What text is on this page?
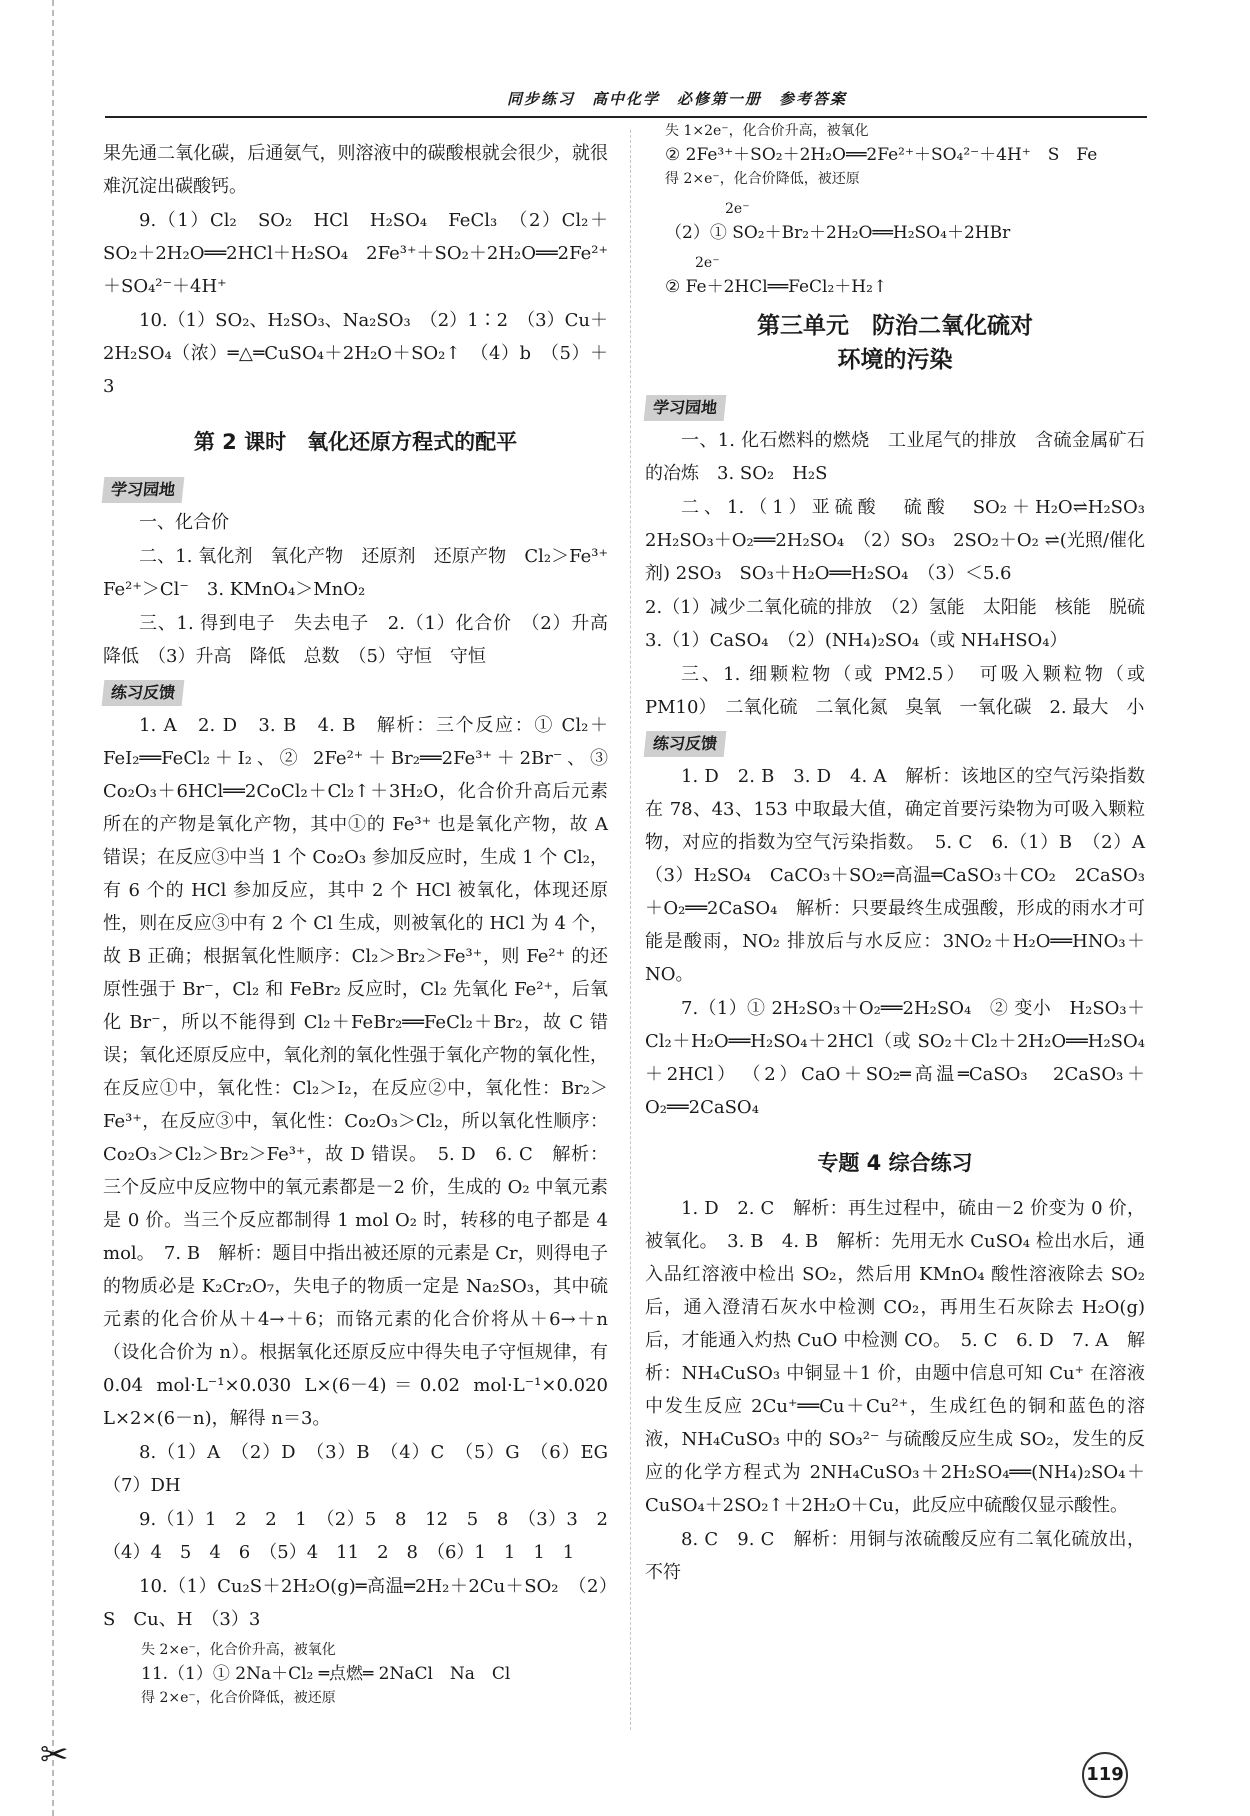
✂
同步练习　高中化学　必修第一册　参考答案

果先通二氧化碳，后通氨气，则溶液中的碳酸根就会很少，就很难沉淀出碳酸钙。

9.（1）Cl₂　SO₂　HCl　H₂SO₄　FeCl₃　（2）Cl₂＋SO₂＋2H₂O══2HCl＋H₂SO₄　2Fe³⁺＋SO₂＋2H₂O══2Fe²⁺＋SO₄²⁻＋4H⁺

10.（1）SO₂、H₂SO₃、Na₂SO₃　（2）1∶2　（3）Cu＋2H₂SO₄（浓）═△═CuSO₄＋2H₂O＋SO₂↑　（4）b　（5）＋3

第 2 课时　氧化还原方程式的配平
学习园地

一、化合价

二、1. 氧化剂　氧化产物　还原剂　还原产物　Cl₂＞Fe³⁺　Fe²⁺＞Cl⁻　3. KMnO₄＞MnO₂

三、1. 得到电子　失去电子　2.（1）化合价　（2）升高　降低　（3）升高　降低　总数　（5）守恒　守恒

练习反馈

1. A　2. D　3. B　4. B　解析：三个反应：① Cl₂＋FeI₂══FeCl₂＋I₂、② 2Fe²⁺＋Br₂══2Fe³⁺＋2Br⁻、③ Co₂O₃＋6HCl══2CoCl₂＋Cl₂↑＋3H₂O，化合价升高后元素所在的产物是氧化产物，其中①的 Fe³⁺ 也是氧化产物，故 A 错误；在反应③中当 1 个 Co₂O₃ 参加反应时，生成 1 个 Cl₂，有 6 个的 HCl 参加反应，其中 2 个 HCl 被氧化，体现还原性，则在反应③中有 2 个 Cl 生成，则被氧化的 HCl 为 4 个，故 B 正确；根据氧化性顺序：Cl₂＞Br₂＞Fe³⁺，则 Fe²⁺ 的还原性强于 Br⁻，Cl₂ 和 FeBr₂ 反应时，Cl₂ 先氧化 Fe²⁺，后氧化 Br⁻，所以不能得到 Cl₂＋FeBr₂══FeCl₂＋Br₂，故 C 错误；氧化还原反应中，氧化剂的氧化性强于氧化产物的氧化性，在反应①中，氧化性：Cl₂＞I₂，在反应②中，氧化性：Br₂＞Fe³⁺，在反应③中，氧化性：Co₂O₃＞Cl₂，所以氧化性顺序：Co₂O₃＞Cl₂＞Br₂＞Fe³⁺，故 D 错误。　5. D　6. C　解析：三个反应中反应物中的氧元素都是－2 价，生成的 O₂ 中氧元素是 0 价。当三个反应都制得 1 mol O₂ 时，转移的电子都是 4 mol。　7. B　解析：题目中指出被还原的元素是 Cr，则得电子的物质必是 K₂Cr₂O₇，失电子的物质一定是 Na₂SO₃，其中硫元素的化合价从＋4→＋6；而铬元素的化合价将从＋6→＋n（设化合价为 n）。根据氧化还原反应中得失电子守恒规律，有 0.04 mol·L⁻¹×0.030 L×(6－4)＝0.02 mol·L⁻¹×0.020 L×2×(6－n)，解得 n＝3。

8.（1）A　（2）D　（3）B　（4）C　（5）G　（6）EG　（7）DH

9.（1）1　2　2　1　（2）5　8　12　5　8　（3）3　2　（4）4　5　4　6　（5）4　11　2　8　（6）1　1　1　1

10.（1）Cu₂S＋2H₂O(g)═高温═2H₂＋2Cu＋SO₂　（2）S　Cu、H　（3）3

失 2×e⁻，化合价升高，被氧化
11.（1）① 2Na＋Cl₂ ═点燃═ 2NaCl　Na　Cl
得 2×e⁻，化合价降低，被还原
失 1×2e⁻，化合价升高，被氧化
② 2Fe³⁺＋SO₂＋2H₂O══2Fe²⁺＋SO₄²⁻＋4H⁺　S　Fe
得 2×e⁻，化合价降低，被还原
2e⁻
（2）① SO₂＋Br₂＋2H₂O══H₂SO₄＋2HBr
2e⁻
② Fe＋2HCl══FeCl₂＋H₂↑
第三单元　防治二氧化硫对
环境的污染
学习园地

一、1. 化石燃料的燃烧　工业尾气的排放　含硫金属矿石的冶炼　3. SO₂　H₂S

二、1.（1）亚硫酸　硫酸　SO₂＋H₂O⇌H₂SO₃　2H₂SO₃＋O₂══2H₂SO₄　（2）SO₃　2SO₂＋O₂ ⇌(光照/催化剂) 2SO₃　SO₃＋H₂O══H₂SO₄　（3）＜5.6

2.（1）减少二氧化硫的排放　（2）氢能　太阳能　核能　脱硫　3.（1）CaSO₄　（2）(NH₄)₂SO₄（或 NH₄HSO₄）

三、1. 细颗粒物（或 PM2.5）　可吸入颗粒物（或 PM10）　二氧化硫　二氧化氮　臭氧　一氧化碳　2. 最大　小

练习反馈

1. D　2. B　3. D　4. A　解析：该地区的空气污染指数在 78、43、153 中取最大值，确定首要污染物为可吸入颗粒物，对应的指数为空气污染指数。　5. C　6.（1）B　（2）A　（3）H₂SO₄　CaCO₃＋SO₂═高温═CaSO₃＋CO₂　2CaSO₃＋O₂══2CaSO₄　解析：只要最终生成强酸，形成的雨水才可能是酸雨，NO₂ 排放后与水反应：3NO₂＋H₂O══HNO₃＋NO。

7.（1）① 2H₂SO₃＋O₂══2H₂SO₄　② 变小　H₂SO₃＋Cl₂＋H₂O══H₂SO₄＋2HCl（或 SO₂＋Cl₂＋2H₂O══H₂SO₄＋2HCl）　（2）CaO＋SO₂═高温═CaSO₃　2CaSO₃＋O₂══2CaSO₄

专题 4 综合练习

1. D　2. C　解析：再生过程中，硫由－2 价变为 0 价，被氧化。　3. B　4. B　解析：先用无水 CuSO₄ 检出水后，通入品红溶液中检出 SO₂，然后用 KMnO₄ 酸性溶液除去 SO₂ 后，通入澄清石灰水中检测 CO₂，再用生石灰除去 H₂O(g) 后，才能通入灼热 CuO 中检测 CO。　5. C　6. D　7. A　解析：NH₄CuSO₃ 中铜显＋1 价，由题中信息可知 Cu⁺ 在溶液中发生反应 2Cu⁺══Cu＋Cu²⁺，生成红色的铜和蓝色的溶液，NH₄CuSO₃ 中的 SO₃²⁻ 与硫酸反应生成 SO₂，发生的反应的化学方程式为 2NH₄CuSO₃＋2H₂SO₄══(NH₄)₂SO₄＋CuSO₄＋2SO₂↑＋2H₂O＋Cu，此反应中硫酸仅显示酸性。

8. C　9. C　解析：用铜与浓硫酸反应有二氧化硫放出，不符

119
